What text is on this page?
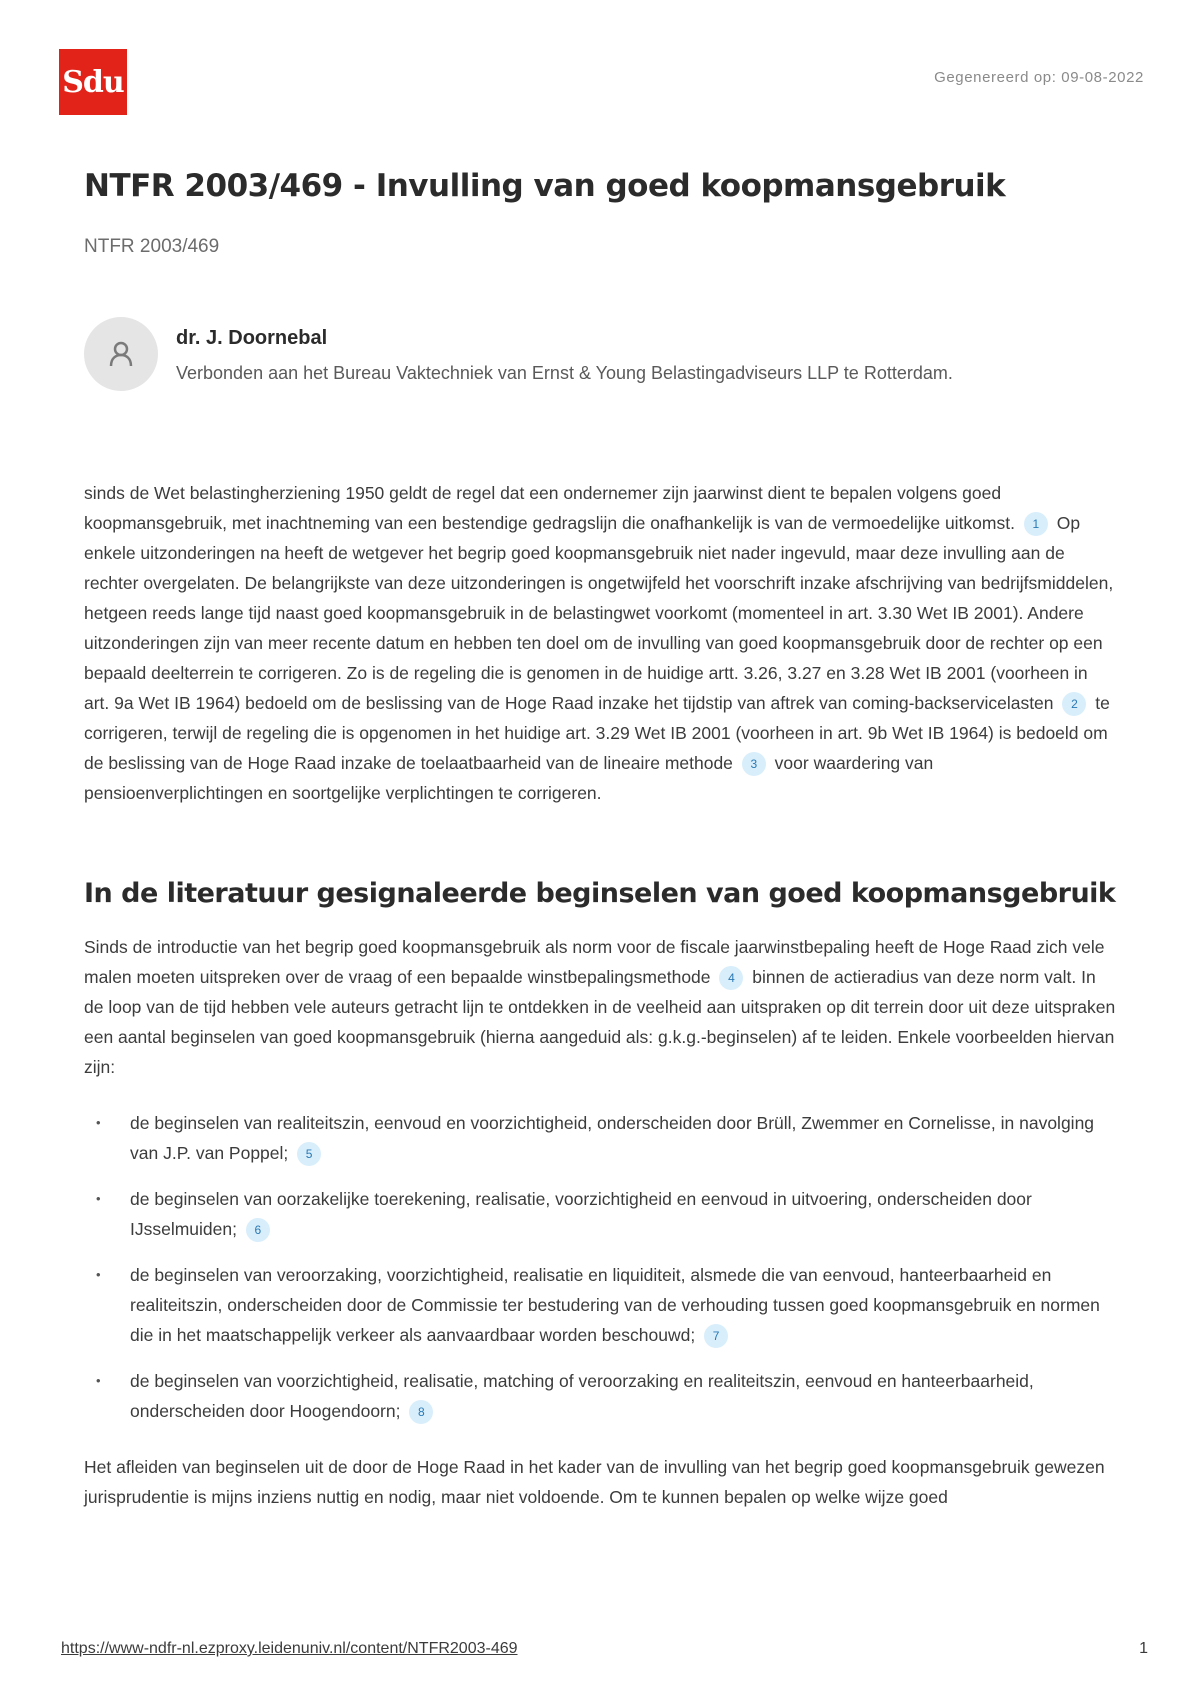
Sdu	Gegenereerd op: 09-08-2022
NTFR 2003/469 - Invulling van goed koopmansgebruik
NTFR 2003/469
dr. J. Doornebal
Verbonden aan het Bureau Vaktechniek van Ernst & Young Belastingadviseurs LLP te Rotterdam.

sinds de Wet belastingherziening 1950 geldt de regel dat een ondernemer zijn jaarwinst dient te bepalen volgens goed koopmansgebruik, met inachtneming van een bestendige gedragslijn die onafhankelijk is van de vermoedelijke uitkomst. 1 Op enkele uitzonderingen na heeft de wetgever het begrip goed koopmansgebruik niet nader ingevuld, maar deze invulling aan de rechter overgelaten. De belangrijkste van deze uitzonderingen is ongetwijfeld het voorschrift inzake afschrijving van bedrijfsmiddelen, hetgeen reeds lange tijd naast goed koopmansgebruik in de belastingwet voorkomt (momenteel in art. 3.30 Wet IB 2001). Andere uitzonderingen zijn van meer recente datum en hebben ten doel om de invulling van goed koopmansgebruik door de rechter op een bepaald deelterrein te corrigeren. Zo is de regeling die is genomen in de huidige artt. 3.26, 3.27 en 3.28 Wet IB 2001 (voorheen in art. 9a Wet IB 1964) bedoeld om de beslissing van de Hoge Raad inzake het tijdstip van aftrek van coming-backservicelasten 2 te corrigeren, terwijl de regeling die is opgenomen in het huidige art. 3.29 Wet IB 2001 (voorheen in art. 9b Wet IB 1964) is bedoeld om de beslissing van de Hoge Raad inzake de toelaatbaarheid van de lineaire methode 3 voor waardering van pensioenverplichtingen en soortgelijke verplichtingen te corrigeren.

In de literatuur gesignaleerde beginselen van goed koopmansgebruik

Sinds de introductie van het begrip goed koopmansgebruik als norm voor de fiscale jaarwinstbepaling heeft de Hoge Raad zich vele malen moeten uitspreken over de vraag of een bepaalde winstbepalingsmethode 4 binnen de actieradius van deze norm valt. In de loop van de tijd hebben vele auteurs getracht lijn te ontdekken in de veelheid aan uitspraken op dit terrein door uit deze uitspraken een aantal beginselen van goed koopmansgebruik (hierna aangeduid als: g.k.g.-beginselen) af te leiden. Enkele voorbeelden hiervan zijn:

• de beginselen van realiteitszin, eenvoud en voorzichtigheid, onderscheiden door Brüll, Zwemmer en Cornelisse, in navolging van J.P. van Poppel; 5
• de beginselen van oorzakelijke toerekening, realisatie, voorzichtigheid en eenvoud in uitvoering, onderscheiden door IJsselmuiden; 6
• de beginselen van veroorzaking, voorzichtigheid, realisatie en liquiditeit, alsmede die van eenvoud, hanteerbaarheid en realiteitszin, onderscheiden door de Commissie ter bestudering van de verhouding tussen goed koopmansgebruik en normen die in het maatschappelijk verkeer als aanvaardbaar worden beschouwd; 7
• de beginselen van voorzichtigheid, realisatie, matching of veroorzaking en realiteitszin, eenvoud en hanteerbaarheid, onderscheiden door Hoogendoorn; 8

Het afleiden van beginselen uit de door de Hoge Raad in het kader van de invulling van het begrip goed koopmansgebruik gewezen jurisprudentie is mijns inziens nuttig en nodig, maar niet voldoende. Om te kunnen bepalen op welke wijze goed

https://www-ndfr-nl.ezproxy.leidenuniv.nl/content/NTFR2003-469	1
